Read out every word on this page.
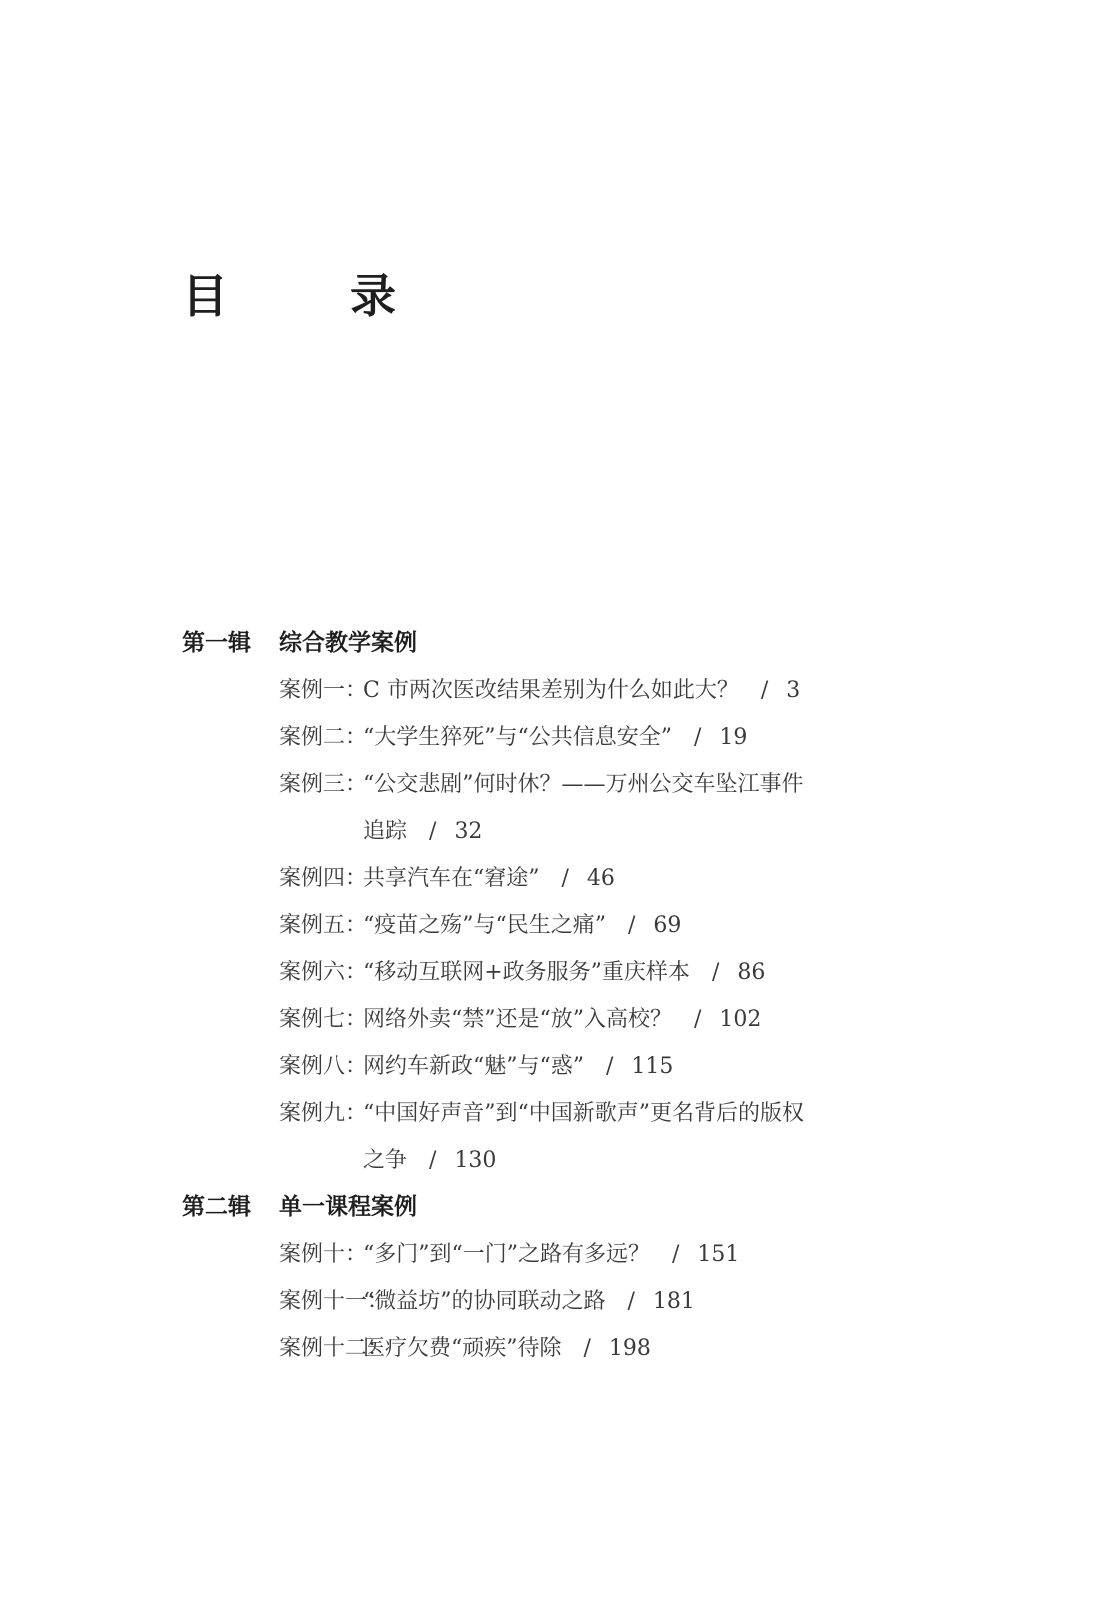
目　录
第一辑 综合教学案例
案例一：
C 市两次医改结果差别为什么如此大？ / 3
案例二：
“大学生猝死”与“公共信息安全” / 19
案例三：
“公交悲剧”何时休？——万州公交车坠江事件
追踪 / 32
案例四：
共享汽车在“窘途” / 46
案例五：
“疫苗之殇”与“民生之痛” / 69
案例六：
“移动互联网+政务服务”重庆样本 / 86
案例七：
网络外卖“禁”还是“放”入高校？ / 102
案例八：
网约车新政“魅”与“惑” / 115
案例九：
“中国好声音”到“中国新歌声”更名背后的版权
之争 / 130
第二辑 单一课程案例
案例十：
“多门”到“一门”之路有多远？ / 151
案例十一：
“微益坊”的协同联动之路 / 181
案例十二：
医疗欠费“顽疾”待除 / 198
